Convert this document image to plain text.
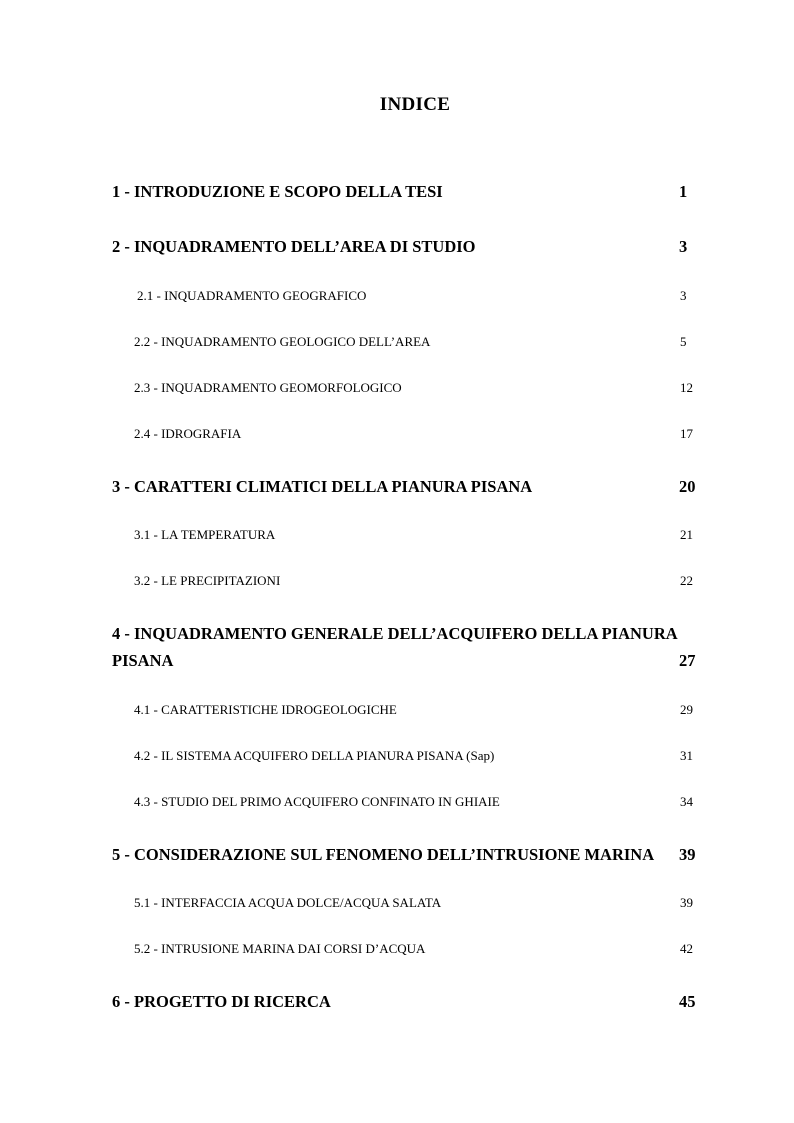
INDICE
1 - INTRODUZIONE E SCOPO DELLA TESI	1
2 - INQUADRAMENTO DELL’AREA DI STUDIO	3
2.1 - INQUADRAMENTO GEOGRAFICO	3
2.2 - INQUADRAMENTO GEOLOGICO DELL’AREA	5
2.3 - INQUADRAMENTO GEOMORFOLOGICO	12
2.4 - IDROGRAFIA	17
3 - CARATTERI CLIMATICI DELLA PIANURA PISANA	20
3.1 - LA TEMPERATURA	21
3.2 - LE PRECIPITAZIONI	22
4 - INQUADRAMENTO GENERALE DELL’ACQUIFERO DELLA PIANURA
PISANA	27
4.1 - CARATTERISTICHE IDROGEOLOGICHE	29
4.2 - IL SISTEMA ACQUIFERO DELLA PIANURA PISANA (Sap)	31
4.3 - STUDIO DEL PRIMO ACQUIFERO CONFINATO IN GHIAIE	34
5 - CONSIDERAZIONE SUL FENOMENO DELL’INTRUSIONE MARINA 39
5.1 - INTERFACCIA ACQUA DOLCE/ACQUA SALATA	39
5.2 - INTRUSIONE MARINA DAI CORSI D’ACQUA	42
6 - PROGETTO DI RICERCA	45
